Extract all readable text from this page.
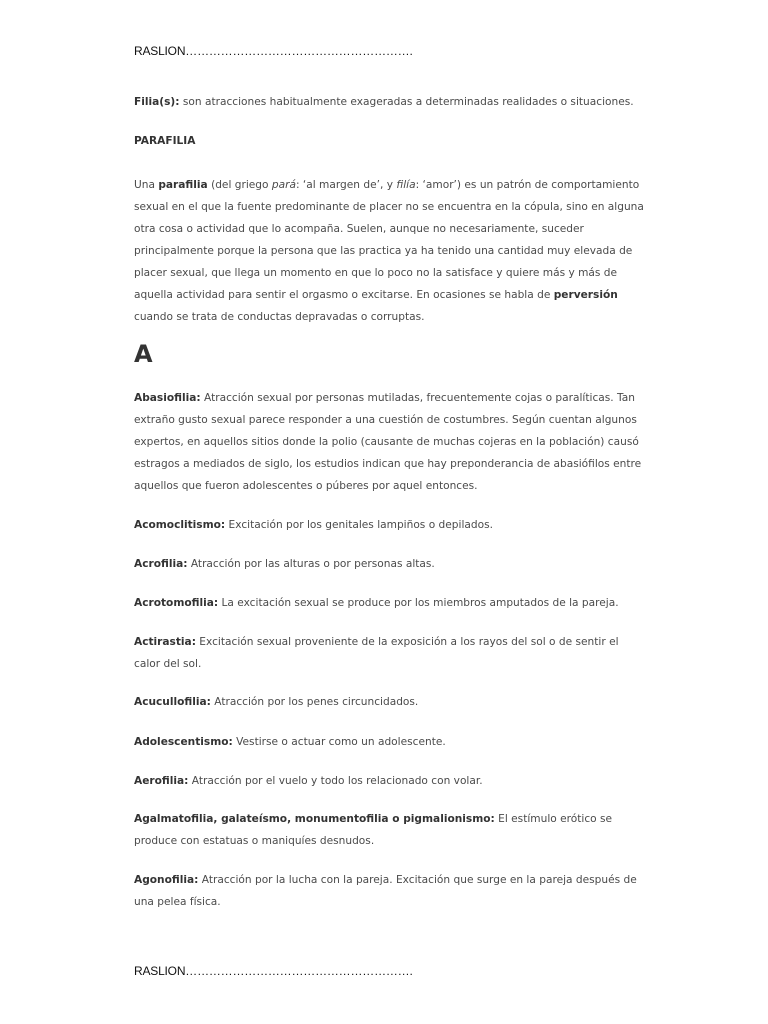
RASLION………………………………………………….
Filia(s): son atracciones habitualmente exageradas a determinadas realidades o situaciones.
PARAFILIA
Una parafilia (del griego pará: ‘al margen de’, y filía: ‘amor’) es un patrón de comportamiento sexual en el que la fuente predominante de placer no se encuentra en la cópula, sino en alguna otra cosa o actividad que lo acompaña. Suelen, aunque no necesariamente, suceder principalmente porque la persona que las practica ya ha tenido una cantidad muy elevada de placer sexual, que llega un momento en que lo poco no la satisface y quiere más y más de aquella actividad para sentir el orgasmo o excitarse. En ocasiones se habla de perversión cuando se trata de conductas depravadas o corruptas.
A
Abasiofilia: Atracción sexual por personas mutiladas, frecuentemente cojas o paralíticas. Tan extraño gusto sexual parece responder a una cuestión de costumbres. Según cuentan algunos expertos, en aquellos sitios donde la polio (causante de muchas cojeras en la población) causó estragos a mediados de siglo, los estudios indican que hay preponderancia de abasiófilos entre aquellos que fueron adolescentes o púberes por aquel entonces.
Acomoclitismo: Excitación por los genitales lampiños o depilados.
Acrofilia: Atracción por las alturas o por personas altas.
Acrotomofilia: La excitación sexual se produce por los miembros amputados de la pareja.
Actirastia: Excitación sexual proveniente de la exposición a los rayos del sol o de sentir el calor del sol.
Acucullofilia: Atracción por los penes circuncidados.
Adolescentismo: Vestirse o actuar como un adolescente.
Aerofilia: Atracción por el vuelo y todo los relacionado con volar.
Agalmatofilia, galateísmo, monumentofilia o pigmalionismo: El estímulo erótico se produce con estatuas o maniquíes desnudos.
Agonofilia: Atracción por la lucha con la pareja. Excitación que surge en la pareja después de una pelea física.
RASLION………………………………………………….
